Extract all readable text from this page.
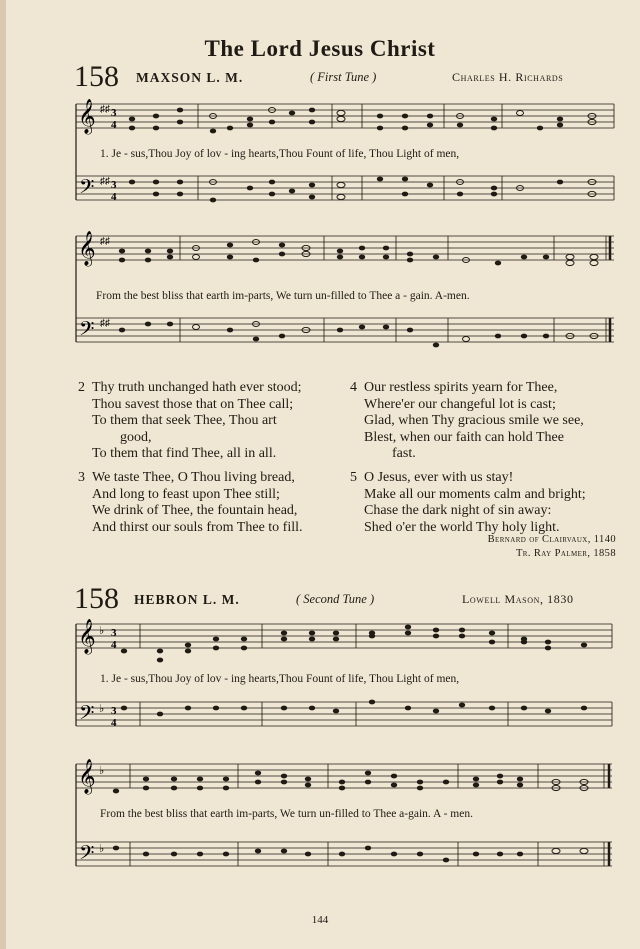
The Lord Jesus Christ
158 MAXSON L. M.	( First Tune )	Charles H. Richards
𝄞
𝄢
♯♯
♯♯
3
4
3
4
1. Je - sus,Thou Joy of lov - ing hearts,Thou Fount of life, Thou Light of men,
𝄞
𝄢
♯♯
♯♯
From the best bliss that earth im-parts, We turn un-filled to Thee a - gain. A-men.
2 Thy truth unchanged hath ever stood;
Thou savest those that on Thee call;
To them that seek Thee, Thou art
good,
To them that find Thee, all in all.
4 Our restless spirits yearn for Thee,
Where'er our changeful lot is cast;
Glad, when Thy gracious smile we see,
Blest, when our faith can hold Thee
fast.
3 We taste Thee, O Thou living bread,
And long to feast upon Thee still;
We drink of Thee, the fountain head,
And thirst our souls from Thee to fill.
5 O Jesus, ever with us stay!
Make all our moments calm and bright;
Chase the dark night of sin away:
Shed o'er the world Thy holy light.
Bernard of Clairvaux, 1140
Tr. Ray Palmer, 1858
158 HEBRON L. M.	( Second Tune )	Lowell Mason, 1830
𝄞
𝄢
♭
♭
3
4
3
4
1. Je - sus,Thou Joy of lov - ing hearts,Thou Fount of life, Thou Light of men,
𝄞
𝄢
♭
♭
From the best bliss that earth im-parts, We turn un-filled to Thee a-gain. A - men.
144
